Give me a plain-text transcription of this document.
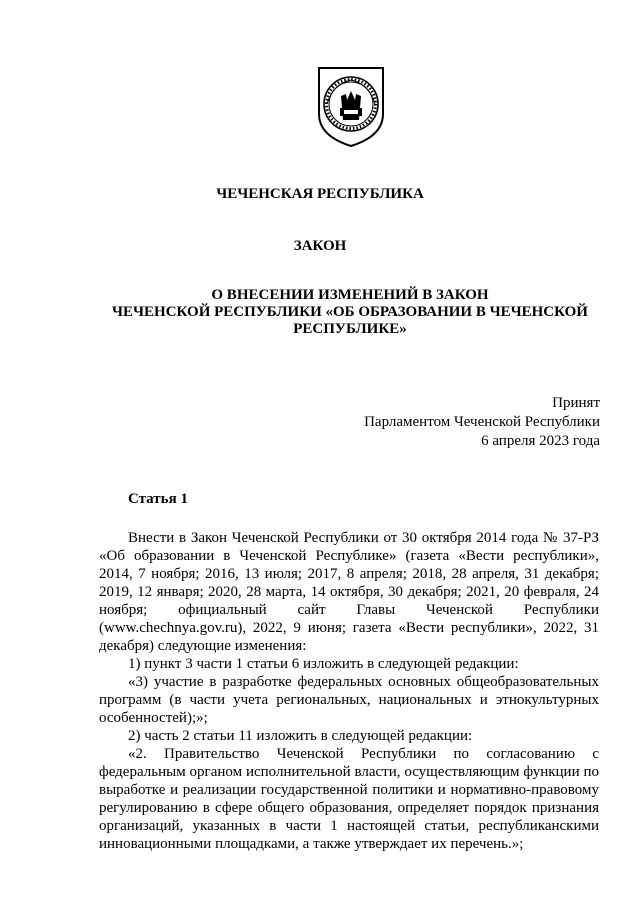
ЧЕЧЕНСКАЯ РЕСПУБЛИКА
ЗАКОН
О ВНЕСЕНИИ ИЗМЕНЕНИЙ В ЗАКОН
ЧЕЧЕНСКОЙ РЕСПУБЛИКИ «ОБ ОБРАЗОВАНИИ В ЧЕЧЕНСКОЙ
РЕСПУБЛИКЕ»
Принят
Парламентом Чеченской Республики
6 апреля 2023 года
Статья 1

Внести в Закон Чеченской Республики от 30 октября 2014 года № 37-РЗ «Об образовании в Чеченской Республике» (газета «Вести республики», 2014, 7 ноября; 2016, 13 июля; 2017, 8 апреля; 2018, 28 апреля, 31 декабря; 2019, 12 января; 2020, 28 марта, 14 октября, 30 декабря; 2021, 20 февраля, 24 ноября; официальный сайт Главы Чеченской Республики (www.chechnya.gov.ru), 2022, 9 июня; газета «Вести республики», 2022, 31 декабря) следующие изменения:

1) пункт 3 части 1 статьи 6 изложить в следующей редакции:

«3) участие в разработке федеральных основных общеобразовательных программ (в части учета региональных, национальных и этнокультурных особенностей);»;

2) часть 2 статьи 11 изложить в следующей редакции:

«2. Правительство Чеченской Республики по согласованию с федеральным органом исполнительной власти, осуществляющим функции по выработке и реализации государственной политики и нормативно-правовому регулированию в сфере общего образования, определяет порядок признания организаций, указанных в части 1 настоящей статьи, республиканскими инновационными площадками, а также утверждает их перечень.»;
